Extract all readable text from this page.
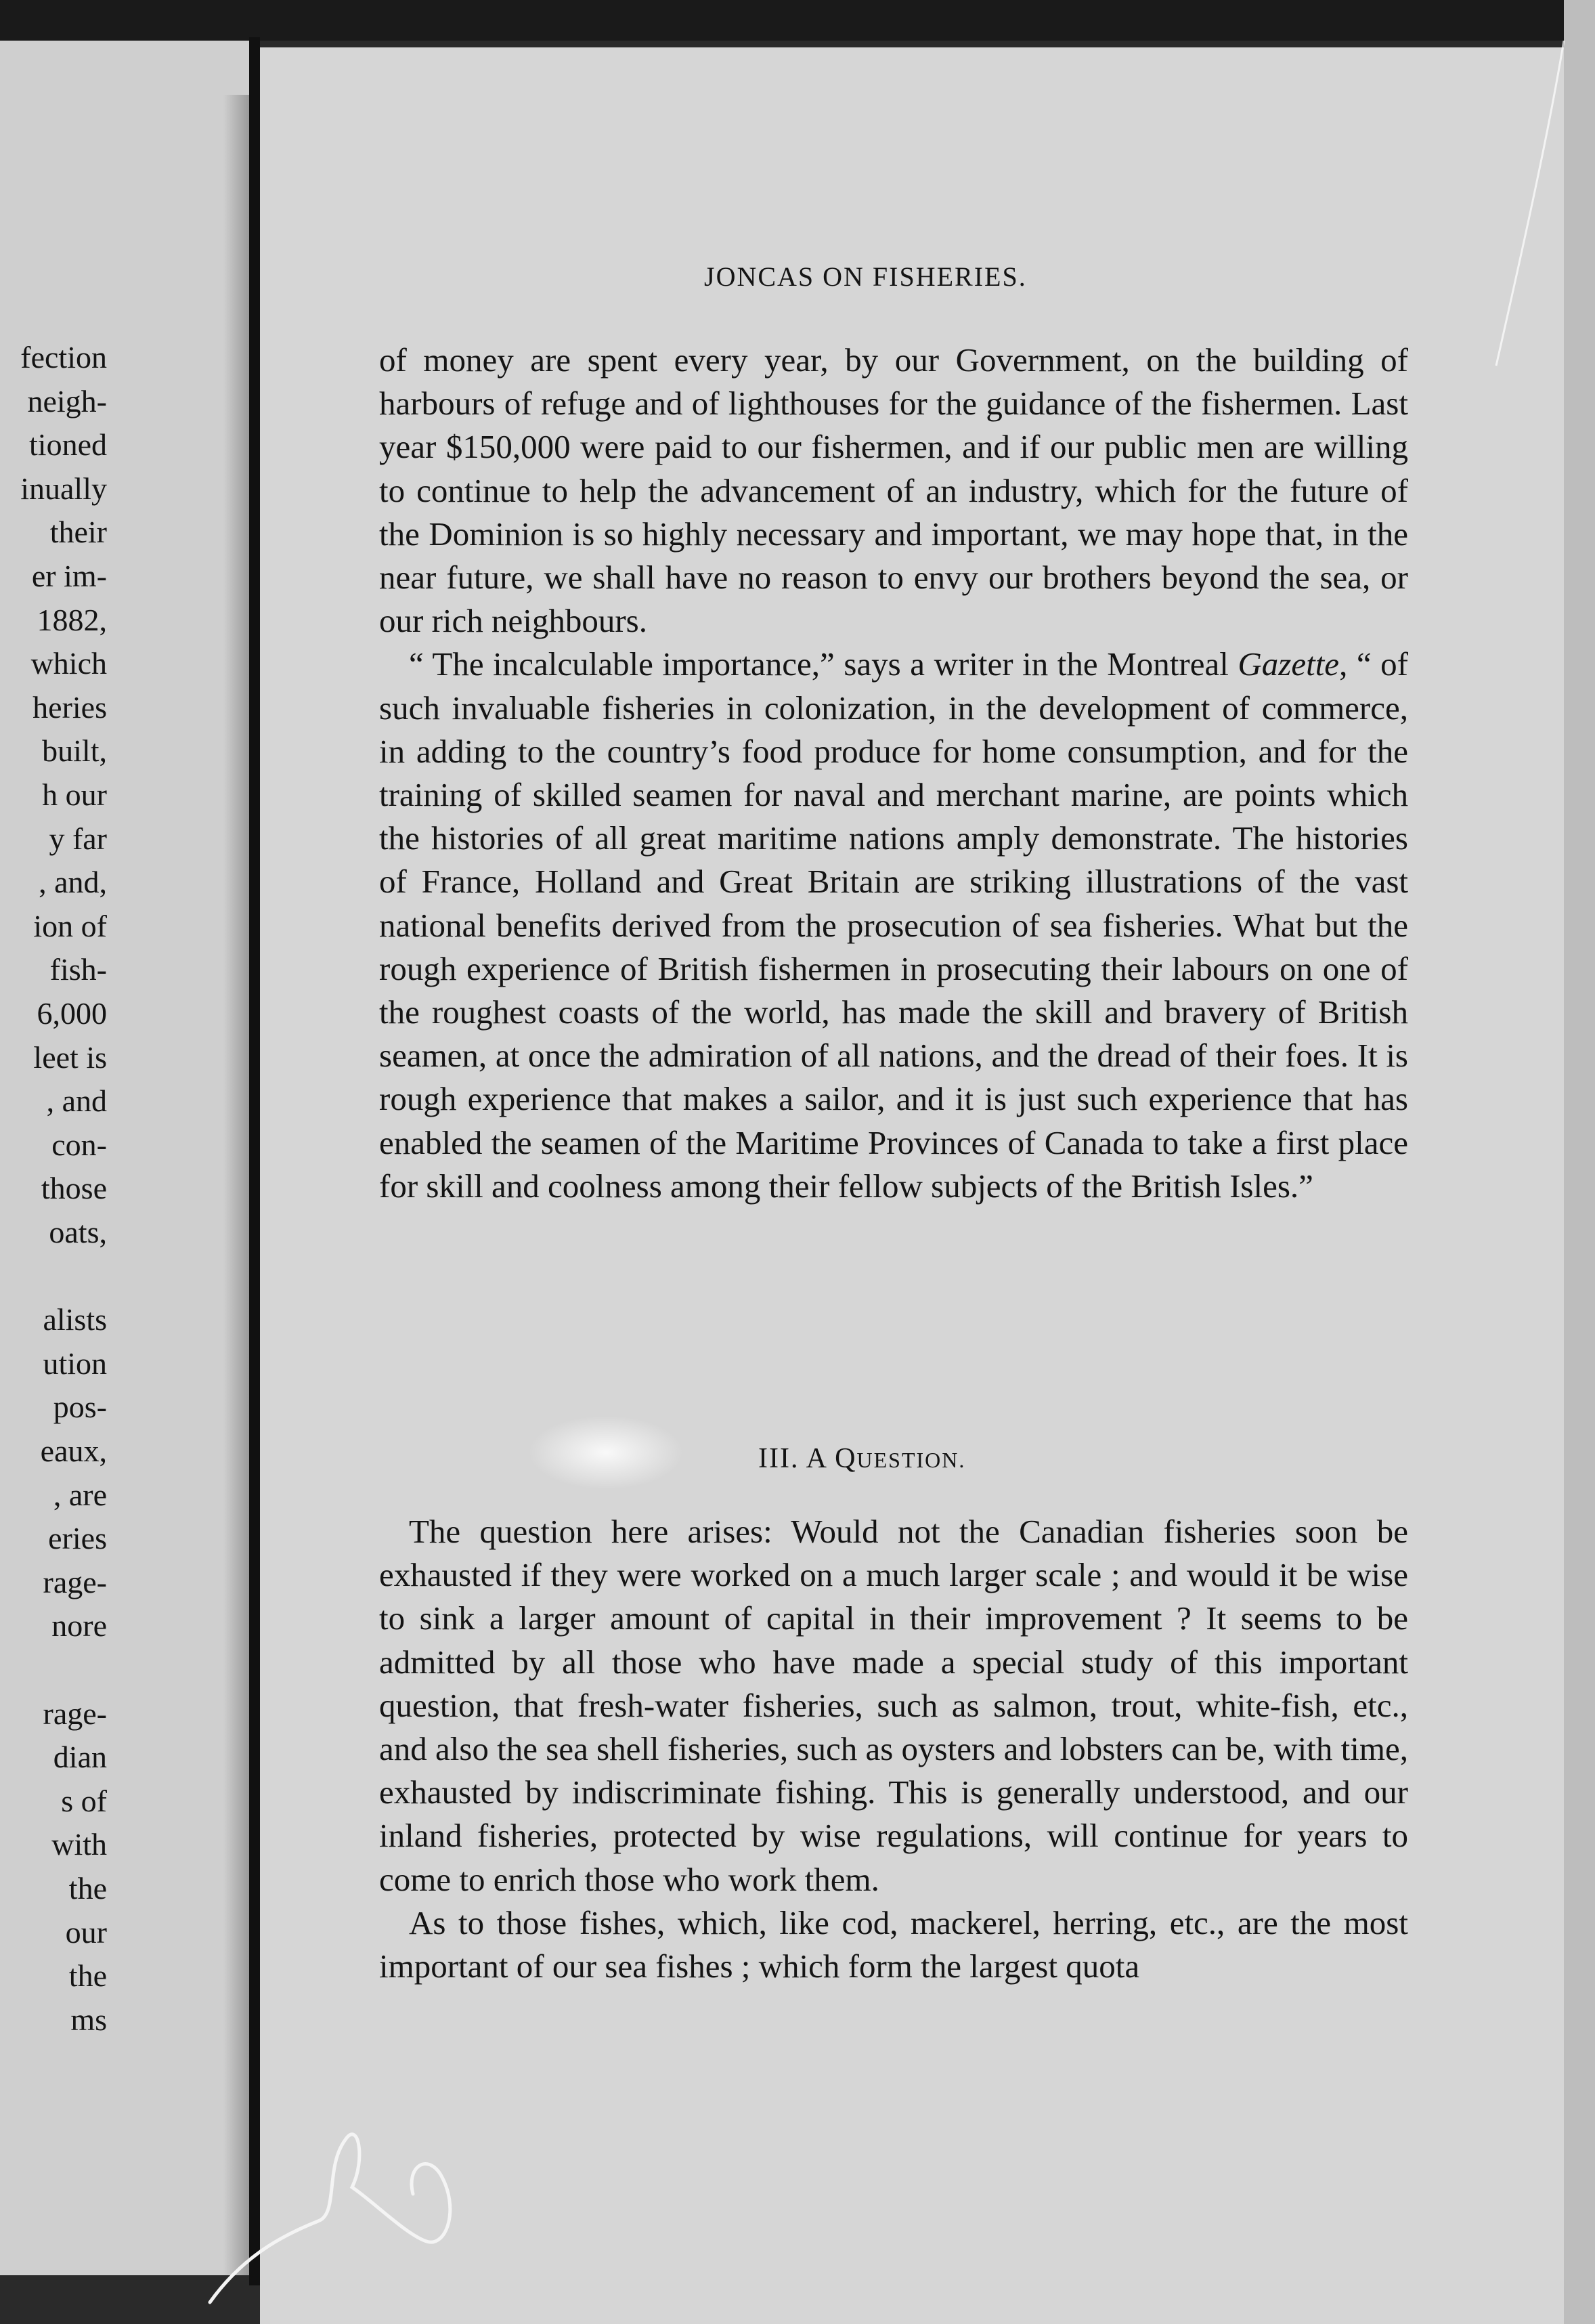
fection
neigh-
tioned
inually
their
er im-
1882,
which
heries
built,
h our
y far
, and,
ion of
fish-
6,000
leet is
, and
con-
those
oats,
alists
ution
pos-
eaux,
, are
eries
rage-
nore
rage-
dian
s of
with
the
our
the
ms
JONCAS ON FISHERIES.

of money are spent every year, by our Government, on the building of harbours of refuge and of lighthouses for the guidance of the fishermen. Last year $150,000 were paid to our fishermen, and if our public men are willing to continue to help the advancement of an industry, which for the future of the Dominion is so highly necessary and important, we may hope that, in the near future, we shall have no reason to envy our brothers beyond the sea, or our rich neighbours.

“ The incalculable importance,” says a writer in the Montreal Gazette, “ of such invaluable fisheries in colonization, in the development of commerce, in adding to the country’s food produce for home consumption, and for the training of skilled seamen for naval and merchant marine, are points which the histories of all great maritime nations amply demonstrate. The histories of France, Holland and Great Britain are striking illustrations of the vast national benefits derived from the prosecution of sea fisheries. What but the rough experience of British fishermen in prosecuting their labours on one of the roughest coasts of the world, has made the skill and bravery of British seamen, at once the admiration of all nations, and the dread of their foes. It is rough experience that makes a sailor, and it is just such experience that has enabled the seamen of the Maritime Provinces of Canada to take a first place for skill and coolness among their fellow subjects of the British Isles.”

III. A QUESTION.

The question here arises: Would not the Canadian fisheries soon be exhausted if they were worked on a much larger scale ; and would it be wise to sink a larger amount of capital in their improvement ? It seems to be admitted by all those who have made a special study of this important question, that fresh-water fisheries, such as salmon, trout, white-fish, etc., and also the sea shell fisheries, such as oysters and lobsters can be, with time, exhausted by indiscriminate fishing. This is generally understood, and our inland fisheries, protected by wise regulations, will continue for years to come to enrich those who work them.

As to those fishes, which, like cod, mackerel, herring, etc., are the most important of our sea fishes ; which form the largest quota
